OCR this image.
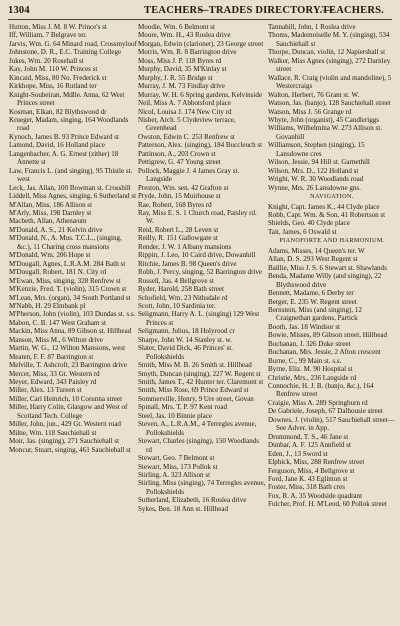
1304	TEACHERS
—TRADES DIRECTORY.—
TEACHERS.

Hutton, Miss J. M. 8 W. Prince's st

Iff, William, 7 Belgrave ter.

Jarvis, Wm. G. 64 Minard road, Crossmyloof

Johnstone, D. R., E.C. Training College

Jukes, Wm. 20 Rosehall st

Kay, John M. 110 W. Princes st

Kincaid, Miss, 80 No. Frederick st

Kirkhope, Miss, 16 Rutland ter

Knight-Soubeiran, Mdlle. Anna, 62 West Princes street

Kosman, Elkan, 82 Blythswood dr

Krueger, Madam, singing, 164 Woodlands road

Kynoch, James B. 93 Prince Edward st

Lamond, David, 16 Holland place

Langenbacher, A. G. Ernest (zither) 18 Annette st

Law, Francis L. (and singing), 95 Thistle st. west

Leck, Jas. Allan, 100 Bowman st. Crosshill

Liddell, Miss Agnes, singing, 6 Sutherland st

M'Allan, Miss, 186 Allison st

M'Arly, Miss, 198 Darnley st

Macbeth, Allan, Athenæum

M'Donald, A. S., 21 Kelvin drive

M'Donald, N., A. Mus. T.C.L., (singing, &c.), 11 Charing cross mansions

M'Donald, Wm. 206 Hope st

M'Dougall, Agnes, L.R.A.M. 284 Bath st

M'Dougall, Robert, 181 N. City rd

M'Ewan, Miss, singing, 328 Renfrew st

M'Kenzie, Fred. T. (violin), 315 Crown st

M'Lean, Mrs. (organ), 34 South Portland st

M'Nabb, H. 29 Elmbank pl

M'Pherson, John (violin), 103 Dundas st. s.s.

Mabon, C. B. 147 West Graham st

Mackin, Miss Anna, 89 Gibson st. Hillhead

Manson, Miss M., 6 Wilton drive

Martin, W. G., 12 Wilton Mansions, west

Meaten, F. F. 87 Barrington st

Melville, T. Ashcroft, 23 Barrington drive

Mercer, Miss, 33 Gt. Western rd

Meyer, Edward, 343 Paisley rd

Miller, Alex. 13 Tureen st

Miller, Carl Heinrich, 10 Corunna street

Miller, Harry Colin, Glasgow and West of Scotland Tech. College

Miller, John, jun., 429 Gt. Western road

Milne, Wm. 118 Sauchiehall st

Moir, Jas. (singing), 271 Sauchiehall st

Moncur, Stuart, singing, 461 Sauchiehall st

Moodie, Wm. 6 Belmont st

Moore, Wm. H., 43 Roslea drive

Morgan, Edwin (clarionet), 23 George street

Morris, Wm. R. 8 Barrington drive

Moss, Miss J. P. 118 Byres rd

Murphy, David, 35 M'Kinlay st

Murphy, J. R. 55 Bridge st

Murray, J. M. 73 Findlay drive

Murray, W. H. 6 Spring gardens, Kelvinside

Neil, Miss A. 7 Abbotsford place

Nicol, Louisa J. 174 New City rd

Nisbet, Arch. 5 Clydeview terrace, Greenhead

Owston, Edwin C. 253 Renfrew st

Patterson, Alex. (singing), 184 Buccleuch st

Pattinson, A., 203 Crown st

Pettigrew, G. 47 Young street

Pollock, Maggie J. 4 James Gray st. Langside

Preston, Wm. sen. 42 Grafton st

Pryde, John, 15 Muirhouse st

Rae, Robert, 168 Byres rd

Ray, Miss E. S. 1 Church road, Paisley rd. W.

Reid, Robert L., 28 Leven st

Reilly, R. 151 Gallowgate st

Render, J. W. 1 Albany mansions

Rippin, J. Leo, 10 Caird drive, Dowanhill

Ritchie, James B. 98 Queen's drive

Robb, J. Percy, singing, 52 Barrington drive

Russell, Jas. 4 Bellgrove st

Ryder, Harold, 258 Bath street

Schofield, Wm. 23 Nithsdale rd

Scott, John, 10 Sardinia ter.

Seligmann, Harry A. L. (singing) 129 West Princes st

Seligmann, Julius, 18 Holyrood cr

Sharpe, John W. 14 Stanley st. w.

Slater, David Dick, 46 Princes' st. Pollokshields

Smith, Miss M. B. 26 Smith st. Hillhead

Smyth, Duncan (singing), 227 W. Regent st

Smith, James T., 42 Hunter ter. Claremont st

Smith, Miss Rose, 69 Prince Edward st

Sommerville, Henry, 9 Ure street, Govan

Spinall, Mrs. T. P. 97 Kent road

Steel, Jas. 10 Binnie place

Steven, A., L.R.A.M., 4 Terregles avenue, Pollokshields

Stewart, Charles (singing), 150 Woodlands rd

Stewart, Geo. 7 Belmont st

Stewart, Miss, 173 Pollok st

Stirling, A. 323 Allison st

Stirling, Miss (singing), 74 Terregles avenue, Pollokshields

Sutherland, Elizabeth, 16 Roslea drive

Sykes, Ben. 18 Ann st. Hillhead

Tannahill, John, 1 Roslea drive

Thoms, Mademoiselle M. Y. (singing), 534 Sauchiehall st

Thorpe, Duncan, violin, 12 Napiershall st

Walker, Miss Agnes (singing), 272 Darnley street

Wallace, R. Craig (violin and mandoline), 5 Westercraigs

Walton, Herbert, 76 Grant st. W.

Watson, Jas. (banjo), 128 Sauchiehall street

Watson, Miss J. 56 Grange rd

Whyte, John (organist), 45 Candleriggs

Williams, Wilhelmina W. 273 Allison st. Govanhill

Williamson, Stephen (singing), 15 Lansdowne cres

Wilson, Jessie, 94 Hill st. Garnethill

Wilson, Mrs. D., 122 Holland st

Wright, W. R. 30 Woodlands road

Wynne, Mrs. 26 Lansdowne gns.

NAVIGATION.

Knight, Capt. James K., 44 Clyde place

Robb, Capt. Wm. & Son, 41 Robertson st

Shields, Geo. 40 Clyde place

Tait, James, 6 Oswald st

PIANOFORTE AND HARMONIUM.

Adams, Misses, 14 Queen's ter. W

Allan, D. S. 293 West Regent st

Baillie, Miss J. S. 6 Stewart st. Shawlands

Benda, Madame Willy (and singing), 22 Blythswood drive

Bennett, Madame, 6 Derby ter

Berger, E. 235 W. Regent street

Bernstein, Miss (and singing), 12 Craignethan gardens, Partick

Booth, Jas. 18 Windsor st

Bowie, Misses, 89 Gibson street, Hillhead

Buchanan, J. 326 Duke street

Buchanan, Mrs. Jessie, 2 Afton crescent

Burne, C., 99 Main st. s.s.

Byrne, Eliz. M. 90 Hospital st

Christie, Mrs., 236 Langside rd

Connochie, H. J. B. (banjo, &c.), 164 Renfrew street

Craigie, Miss A. 289 Springburn rd

De Gabriele, Joseph, 67 Dalhousie street

Downes, J. (violin), 517 Sauchiehall street—See Adver. in App.

Drummond, T. S., 46 Jane st

Dunbar, A. F. 125 Annfield st

Eden, J., 13 Sword st

Elphick, Miss, 288 Renfrew street

Ferguson, Miss, 4 Bellgrove st

Ford, Jane K. 43 Eglinton st

Foster, Miss, 318 Bath cres

Fox, R. A. 35 Woodside quadrant

Fulcher, Prof. H. M'Leod, 60 Pollok street
